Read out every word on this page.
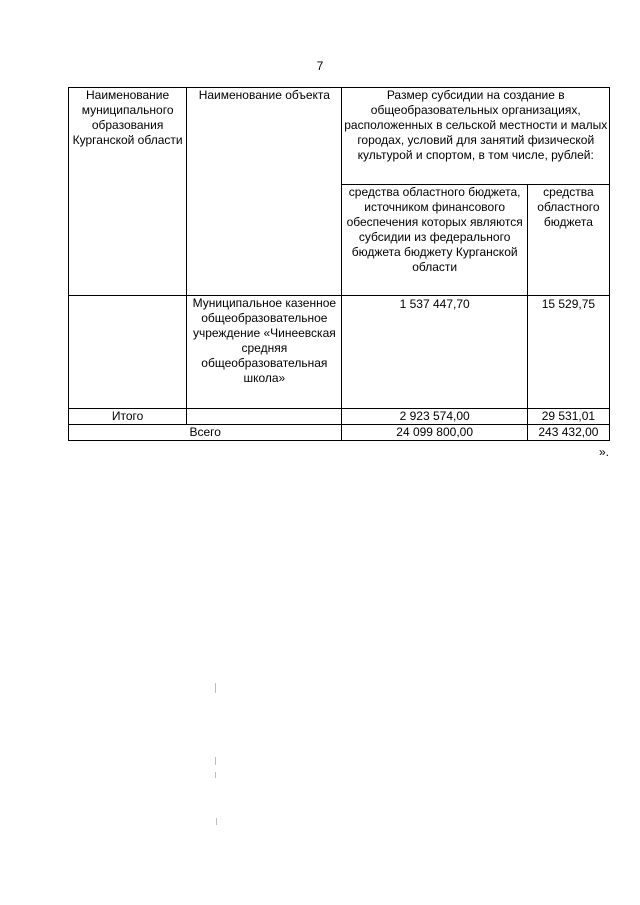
7
Наименование муниципального образования Курганской области	Наименование объекта	Размер субсидии на создание в общеобразовательных организациях, расположенных в сельской местности и малых городах, условий для занятий физической культурой и спортом, в том числе, рублей:	
		средства областного бюджета, источником финансового обеспечения которых являются субсидии из федерального бюджета бюджету Курганской области	средства областного бюджета
	Муниципальное казенное общеобразовательное учреждение «Чинеевская средняя общеобразовательная школа»	1 537 447,70	15 529,75
Итого		2 923 574,00	29 531,01
Всего		24 099 800,00	243 432,00
».
